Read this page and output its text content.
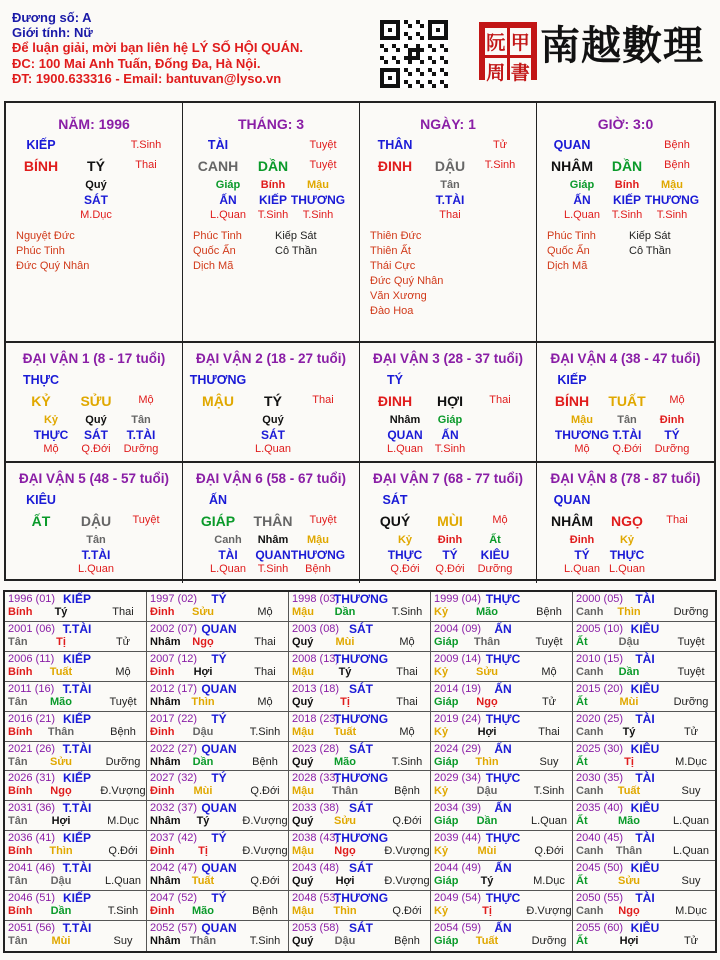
Đương số: A
Giới tính: Nữ
Để luận giải, mời bạn liên hệ LÝ SỐ HỘI QUÁN.
ĐC: 100 Mai Anh Tuấn, Đống Đa, Hà Nội.
ĐT: 1900.633316 - Email: bantuvan@lyso.vn
阮 甲
周 書
南越數理
NĂM: 1996
KIẾP	T.Sinh
BÍNH TÝ	Thai
Quý
SÁT
M.Dục
Nguyệt Đức
Phúc Tinh
Đức Quý Nhân
THÁNG: 3
TÀI	Tuyệt
CANH DẦN Tuyệt
Giáp
ẤN
L.Quan
Bính
KIẾP
T.Sinh
Mậu
THƯƠNG
T.Sinh
Phúc Tinh
Quốc Ấn
Dịch Mã
Kiếp Sát
Cô Thần
NGÀY: 1
THÂN	Tử
ĐINH DẬU T.Sinh
Tân
T.TÀI
Thai
Thiên Đức
Thiên Ất
Thái Cực
Đức Quý Nhân
Văn Xương
Đào Hoa
GIỜ: 3:0
QUAN	Bệnh
NHÂM DẦN Bệnh
Giáp
ẤN
L.Quan
Bính
KIẾP
T.Sinh
Mậu
THƯƠNG
T.Sinh
Phúc Tinh
Quốc Ấn
Dịch Mã
Kiếp Sát
Cô Thần
ĐẠI VẬN 1 (8 - 17 tuổi)
THỰC
KỶ SỬU Mộ
Kỷ
THỰC
Mộ
Quý
SÁT
Q.Đới
Tân
T.TÀI
Dưỡng
ĐẠI VẬN 2 (18 - 27 tuổi)
THƯƠNG
MẬU TÝ	Thai
Quý
SÁT
L.Quan
ĐẠI VẬN 3 (28 - 37 tuổi)
TÝ
ĐINH HỢI Thai
Nhâm
QUAN
L.Quan
Giáp
ẤN
T.Sinh
ĐẠI VẬN 4 (38 - 47 tuổi)
KIẾP
BÍNH TUẤT Mộ
Mậu
THƯƠNG
Mộ
Tân
T.TÀI
Q.Đới
Đinh
TÝ
Dưỡng
ĐẠI VẬN 5 (48 - 57 tuổi)
KIÊU
ẤT DẬU Tuyệt
Tân
T.TÀI
L.Quan
ĐẠI VẬN 6 (58 - 67 tuổi)
ẤN
GIÁP THÂN Tuyệt
Canh
TÀI
L.Quan
Nhâm
QUAN
T.Sinh
Mậu
THƯƠNG
Bệnh
ĐẠI VẬN 7 (68 - 77 tuổi)
SÁT
QUÝ MÙI	Mộ
Kỷ
THỰC
Q.Đới
Đinh
TÝ
Q.Đới
Ất
KIÊU
Dưỡng
ĐẠI VẬN 8 (78 - 87 tuổi)
QUAN
NHÂM NGỌ Thai
Đinh
TÝ
L.Quan
Kỷ
THỰC
L.Quan
1996 (01) KIẾP
Bính Tý	Thai
1997 (02) TÝ
Đinh Sửu	Mộ
1998 (03)
THƯƠNG
Mậu Dần	T.Sinh
1999 (04) THỰC
Kỷ	Mão	Bệnh
2000 (05) TÀI
Canh Thìn	Dưỡng
2001 (06) T.TÀI
Tân	Tị	Tử
2002 (07) QUAN
Nhâm Ngọ	Thai
2003 (08) SÁT
Quý Mùi	Mộ
2004 (09) ẤN
Giáp Thân	Tuyệt
2005 (10) KIÊU
Ất	Dậu	Tuyệt
2006 (11) KIẾP
Bính Tuất	Mộ
2007 (12) TÝ
Đinh Hợi	Thai
2008 (13)
THƯƠNG
Mậu Tý	Thai
2009 (14) THỰC
Kỷ	Sửu	Mộ
2010 (15) TÀI
Canh Dần	Tuyệt
2011 (16) T.TÀI
Tân Mão	Tuyệt
2012 (17) QUAN
Nhâm Thìn	Mộ
2013 (18) SÁT
Quý Tị	Thai
2014 (19) ẤN
Giáp Ngọ	Tử
2015 (20) KIÊU
Ất	Mùi	Dưỡng
2016 (21) KIẾP
Bính Thân	Bệnh
2017 (22) TÝ
Đinh Dậu	T.Sinh
2018 (23)
THƯƠNG
Mậu Tuất	Mộ
2019 (24) THỰC
Kỷ	Hợi	Thai
2020 (25) TÀI
Canh Tý	Tử
2021 (26) T.TÀI
Tân Sửu	Dưỡng
2022 (27) QUAN
Nhâm Dần	Bệnh
2023 (28) SÁT
Quý Mão	T.Sinh
2024 (29) ẤN
Giáp Thìn	Suy
2025 (30) KIÊU
Ất	Tị	M.Dục
2026 (31) KIẾP
Bính Ngọ	Đ.Vượng
2027 (32) TÝ
Đinh Mùi	Q.Đới
2028 (33)
THƯƠNG
Mậu Thân	Bệnh
2029 (34) THỰC
Kỷ	Dậu	T.Sinh
2030 (35) TÀI
Canh Tuất	Suy
2031 (36) T.TÀI
Tân Hợi	M.Dục
2032 (37) QUAN
Nhâm Tý	Đ.Vượng
2033 (38) SÁT
Quý Sửu	Q.Đới
2034 (39) ẤN
Giáp Dần	L.Quan
2035 (40) KIÊU
Ất	Mão	L.Quan
2036 (41) KIẾP
Bính Thìn	Q.Đới
2037 (42) TÝ
Đinh Tị	Đ.Vượng
2038 (43)
THƯƠNG
Mậu Ngọ	Đ.Vượng
2039 (44) THỰC
Kỷ	Mùi	Q.Đới
2040 (45) TÀI
Canh Thân	L.Quan
2041 (46) T.TÀI
Tân Dậu	L.Quan
2042 (47) QUAN
Nhâm Tuất	Q.Đới
2043 (48) SÁT
Quý Hợi	Đ.Vượng
2044 (49) ẤN
Giáp Tý	M.Dục
2045 (50) KIÊU
Ất	Sửu	Suy
2046 (51) KIẾP
Bính Dần	T.Sinh
2047 (52) TÝ
Đinh Mão	Bệnh
2048 (53)
THƯƠNG
Mậu Thìn	Q.Đới
2049 (54) THỰC
Kỷ	Tị	Đ.Vượng
2050 (55) TÀI
Canh Ngọ	M.Dục
2051 (56) T.TÀI
Tân Mùi	Suy
2052 (57) QUAN
Nhâm Thân	T.Sinh
2053 (58) SÁT
Quý Dậu	Bệnh
2054 (59) ẤN
Giáp Tuất	Dưỡng
2055 (60) KIÊU
Ất	Hợi	Tử
